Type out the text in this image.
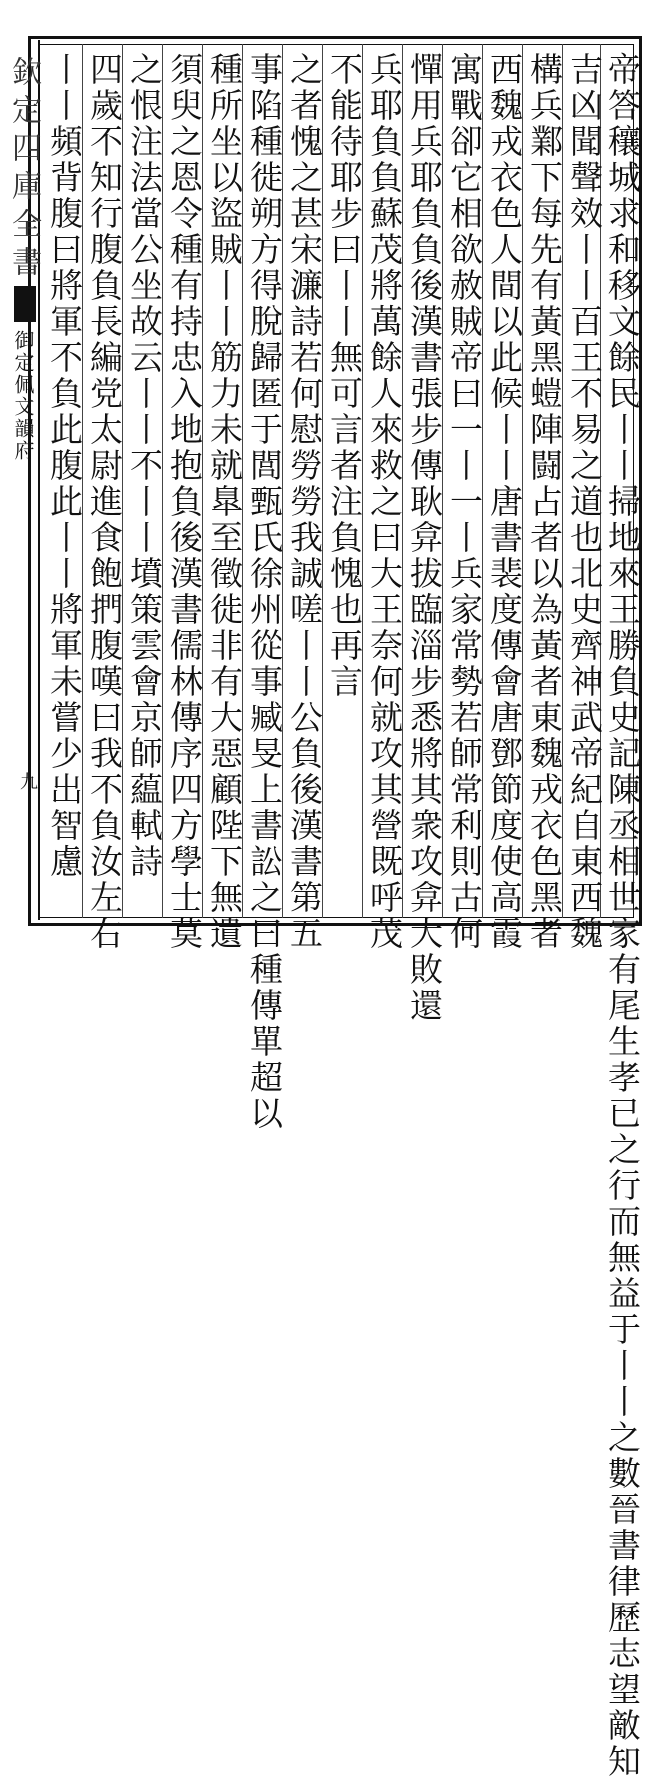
欽定四庫全書
御定佩文韻府
九	帝答穰城求和移文餘民丨丨掃地來王勝負史記陳丞相世家有尾生孝已之行而無益于丨丨之數晉書律歷志望敵知
吉凶聞聲效丨丨百王不易之道也北史齊神武帝紀自東西魏
構兵鄴下每先有黃黑螘陣闘占者以為黃者東魏戎衣色黑者
西魏戎衣色人間以此候丨丨唐書裴度傳會唐鄧節度使高霞
寓戰卻它相欲赦賊帝曰一丨一丨兵家常勢若師常利則古何
憚用兵耶負負後漢書張步傳耿弇拔臨淄步悉將其衆攻弇大敗還
兵耶負負蘇茂將萬餘人來救之曰大王奈何就攻其營既呼茂
不能待耶步曰丨丨無可言者注負愧也再言
之者愧之甚宋濂詩若何慰勞勞我誠嗟丨丨公負後漢書第五
事陷種徙朔方得脫歸匿于閭甄氏徐州從事臧旻上書訟之曰種傳單超以
種所坐以盜賊丨丨筋力未就臯至徵徙非有大惡顧陛下無遺
須臾之恩令種有持忠入地抱負後漢書儒林傳序四方學士莫
之恨注法當公坐故云丨丨不丨丨墳策雲會京師藴軾詩
四歲不知行腹負長編党太尉進食飽捫腹嘆曰我不負汝左右
丨丨頻背腹曰將軍不負此腹此丨丨將軍未嘗少出智慮
